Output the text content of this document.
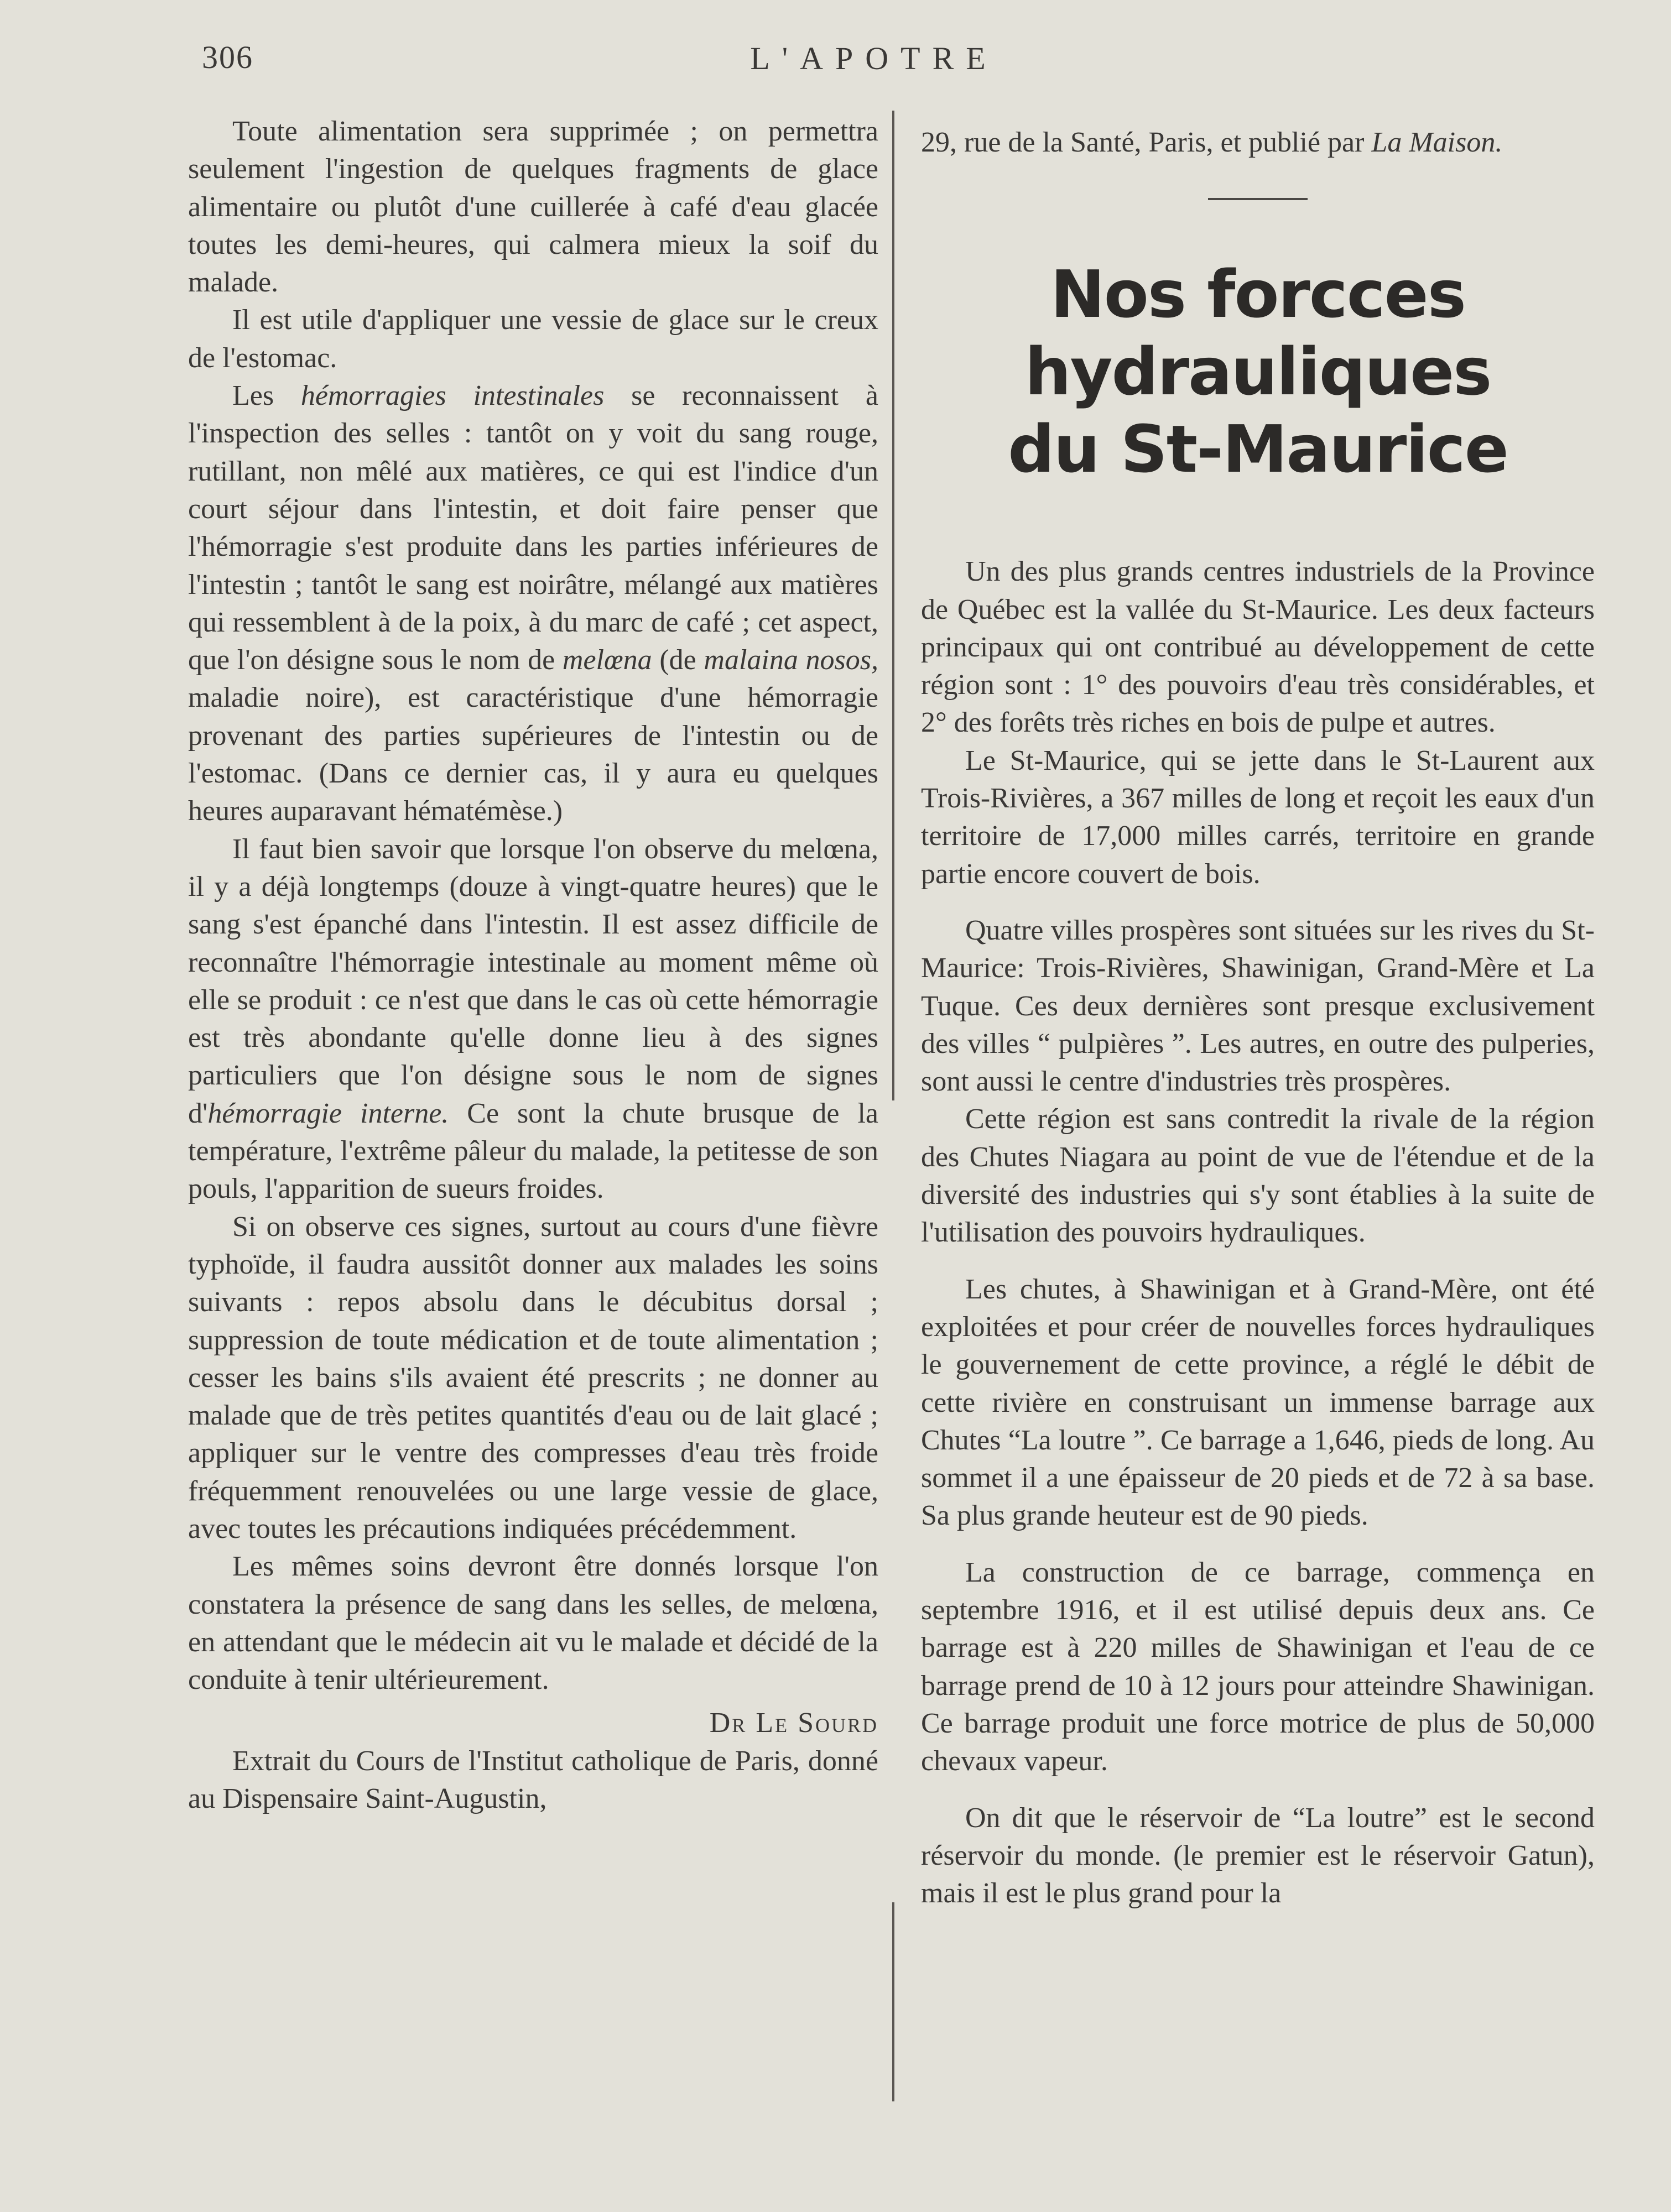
306	L'APOTRE

Toute alimentation sera supprimée ; on permettra seulement l'ingestion de quelques fragments de glace alimentaire ou plutôt d'une cuillerée à café d'eau glacée toutes les demi-heures, qui calmera mieux la soif du malade.

Il est utile d'appliquer une vessie de glace sur le creux de l'estomac.

Les hémorragies intestinales se reconnaissent à l'inspection des selles : tantôt on y voit du sang rouge, rutillant, non mêlé aux matières, ce qui est l'indice d'un court séjour dans l'intestin, et doit faire penser que l'hémorragie s'est produite dans les parties inférieures de l'intestin ; tantôt le sang est noirâtre, mélangé aux matières qui ressemblent à de la poix, à du marc de café ; cet aspect, que l'on désigne sous le nom de melœna (de malaina nosos, maladie noire), est caractéristique d'une hémorragie provenant des parties supérieures de l'intestin ou de l'estomac. (Dans ce dernier cas, il y aura eu quelques heures auparavant hématémèse.)

Il faut bien savoir que lorsque l'on observe du melœna, il y a déjà longtemps (douze à vingt-quatre heures) que le sang s'est épanché dans l'intestin. Il est assez difficile de reconnaître l'hémorragie intestinale au moment même où elle se produit : ce n'est que dans le cas où cette hémorragie est très abondante qu'elle donne lieu à des signes particuliers que l'on désigne sous le nom de signes d'hémorragie interne. Ce sont la chute brusque de la température, l'extrême pâleur du malade, la petitesse de son pouls, l'apparition de sueurs froides.

Si on observe ces signes, surtout au cours d'une fièvre typhoïde, il faudra aussitôt donner aux malades les soins suivants : repos absolu dans le décubitus dorsal ; suppression de toute médication et de toute alimentation ; cesser les bains s'ils avaient été prescrits ; ne donner au malade que de très petites quantités d'eau ou de lait glacé ; appliquer sur le ventre des compresses d'eau très froide fréquemment renouvelées ou une large vessie de glace, avec toutes les précautions indiquées précédemment.

Les mêmes soins devront être donnés lorsque l'on constatera la présence de sang dans les selles, de melœna, en attendant que le médecin ait vu le malade et décidé de la conduite à tenir ultérieurement.

Dr Le Sourd

Extrait du Cours de l'Institut catholique de Paris, donné au Dispensaire Saint-Augustin,

29, rue de la Santé, Paris, et publié par La Maison.

Nos forcces hydrauliques
du St-Maurice

Un des plus grands centres industriels de la Province de Québec est la vallée du St-Maurice. Les deux facteurs principaux qui ont contribué au développement de cette région sont : 1° des pouvoirs d'eau très considérables, et 2° des forêts très riches en bois de pulpe et autres.

Le St-Maurice, qui se jette dans le St-Laurent aux Trois-Rivières, a 367 milles de long et reçoit les eaux d'un territoire de 17,000 milles carrés, territoire en grande partie encore couvert de bois.

Quatre villes prospères sont situées sur les rives du St-Maurice: Trois-Rivières, Shawinigan, Grand-Mère et La Tuque. Ces deux dernières sont presque exclusivement des villes “ pulpières ”. Les autres, en outre des pulperies, sont aussi le centre d'industries très prospères.

Cette région est sans contredit la rivale de la région des Chutes Niagara au point de vue de l'étendue et de la diversité des industries qui s'y sont établies à la suite de l'utilisation des pouvoirs hydrauliques.

Les chutes, à Shawinigan et à Grand-Mère, ont été exploitées et pour créer de nouvelles forces hydrauliques le gouvernement de cette province, a réglé le débit de cette rivière en construisant un immense barrage aux Chutes “La loutre ”. Ce barrage a 1,646, pieds de long. Au sommet il a une épaisseur de 20 pieds et de 72 à sa base. Sa plus grande heuteur est de 90 pieds.

La construction de ce barrage, commença en septembre 1916, et il est utilisé depuis deux ans. Ce barrage est à 220 milles de Shawinigan et l'eau de ce barrage prend de 10 à 12 jours pour atteindre Shawinigan. Ce barrage produit une force motrice de plus de 50,000 chevaux vapeur.

On dit que le réservoir de “La loutre” est le second réservoir du monde. (le premier est le réservoir Gatun), mais il est le plus grand pour la
